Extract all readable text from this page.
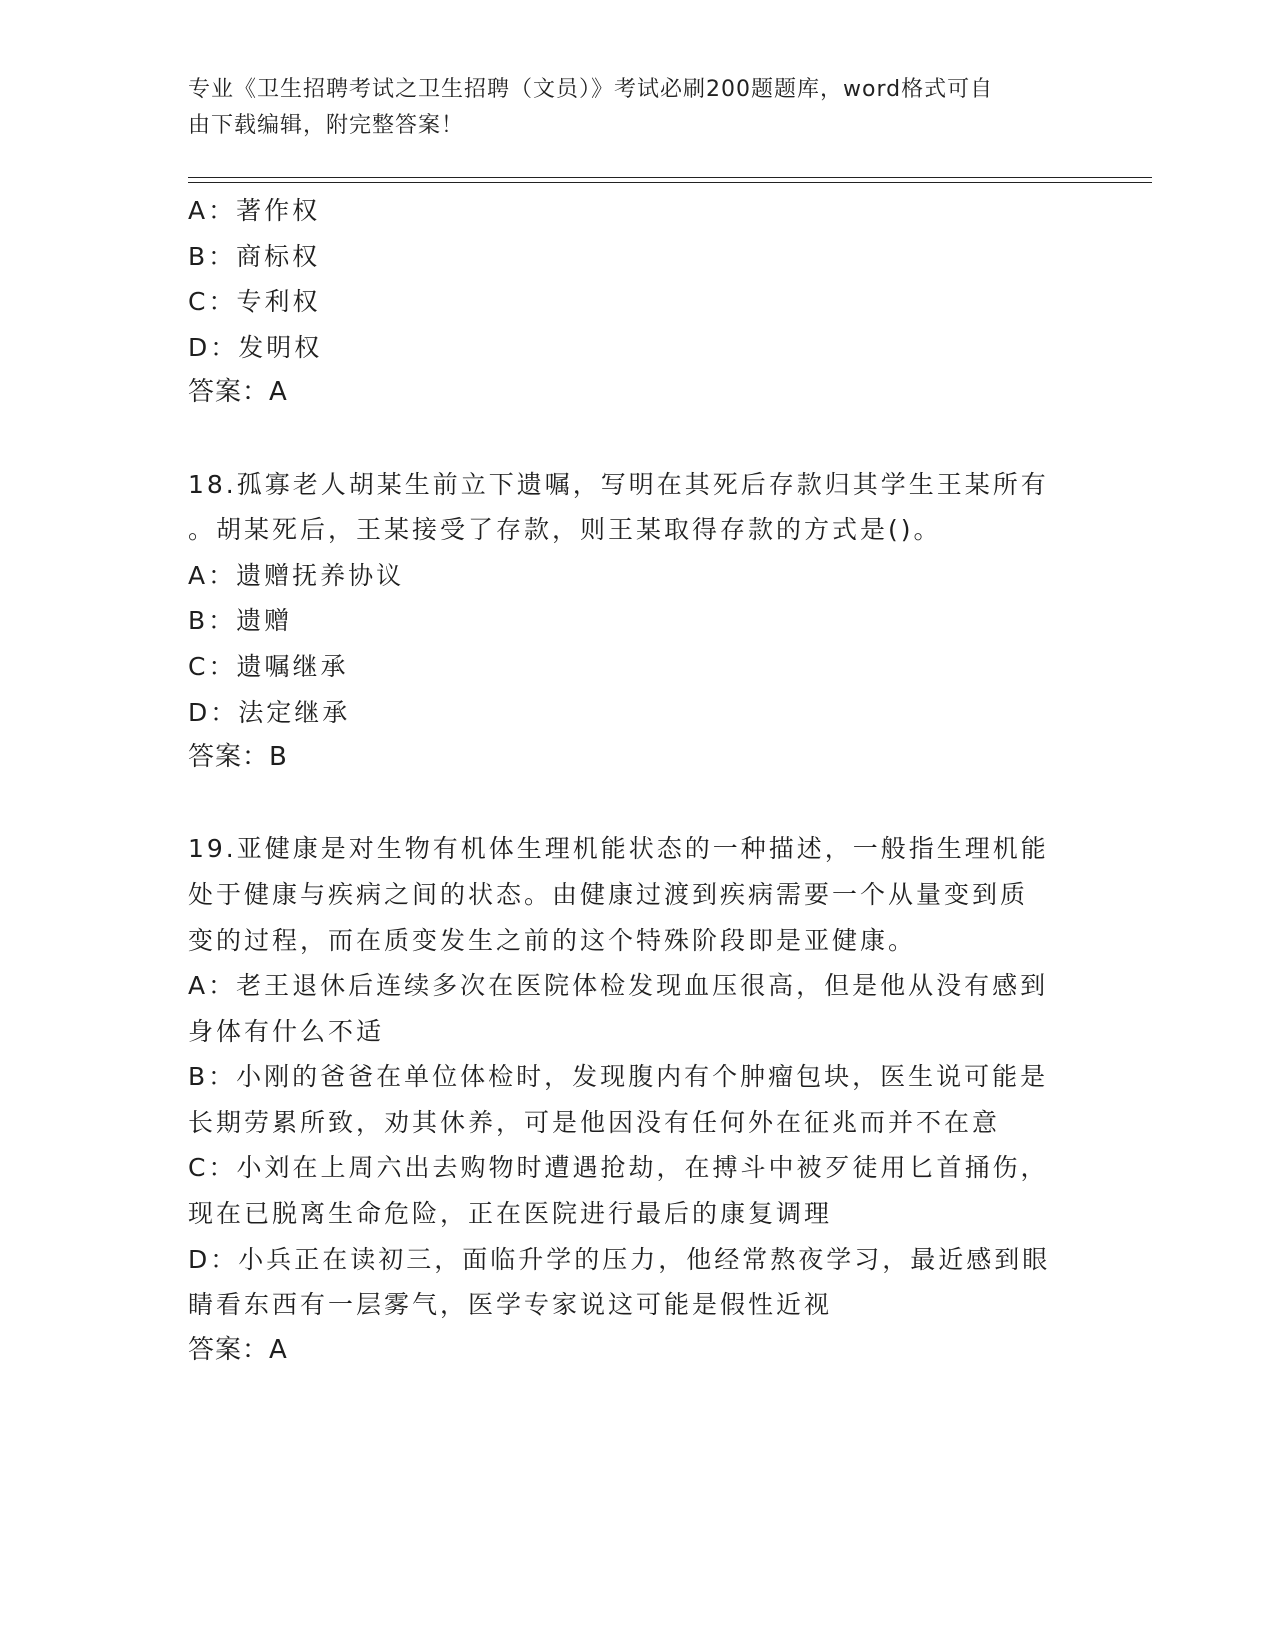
专业《卫生招聘考试之卫生招聘（文员）》考试必刷200题题库，word格式可自
由下载编辑，附完整答案！
A：著作权
B：商标权
C：专利权
D：发明权
答案：A
18.孤寡老人胡某生前立下遗嘱，写明在其死后存款归其学生王某所有
。胡某死后，王某接受了存款，则王某取得存款的方式是()。
A：遗赠抚养协议
B：遗赠
C：遗嘱继承
D：法定继承
答案：B
19.亚健康是对生物有机体生理机能状态的一种描述，一般指生理机能
处于健康与疾病之间的状态。由健康过渡到疾病需要一个从量变到质
变的过程，而在质变发生之前的这个特殊阶段即是亚健康。
A：老王退休后连续多次在医院体检发现血压很高，但是他从没有感到
身体有什么不适
B：小刚的爸爸在单位体检时，发现腹内有个肿瘤包块，医生说可能是
长期劳累所致，劝其休养，可是他因没有任何外在征兆而并不在意
C：小刘在上周六出去购物时遭遇抢劫，在搏斗中被歹徒用匕首捅伤，
现在已脱离生命危险，正在医院进行最后的康复调理
D：小兵正在读初三，面临升学的压力，他经常熬夜学习，最近感到眼
睛看东西有一层雾气，医学专家说这可能是假性近视
答案：A
